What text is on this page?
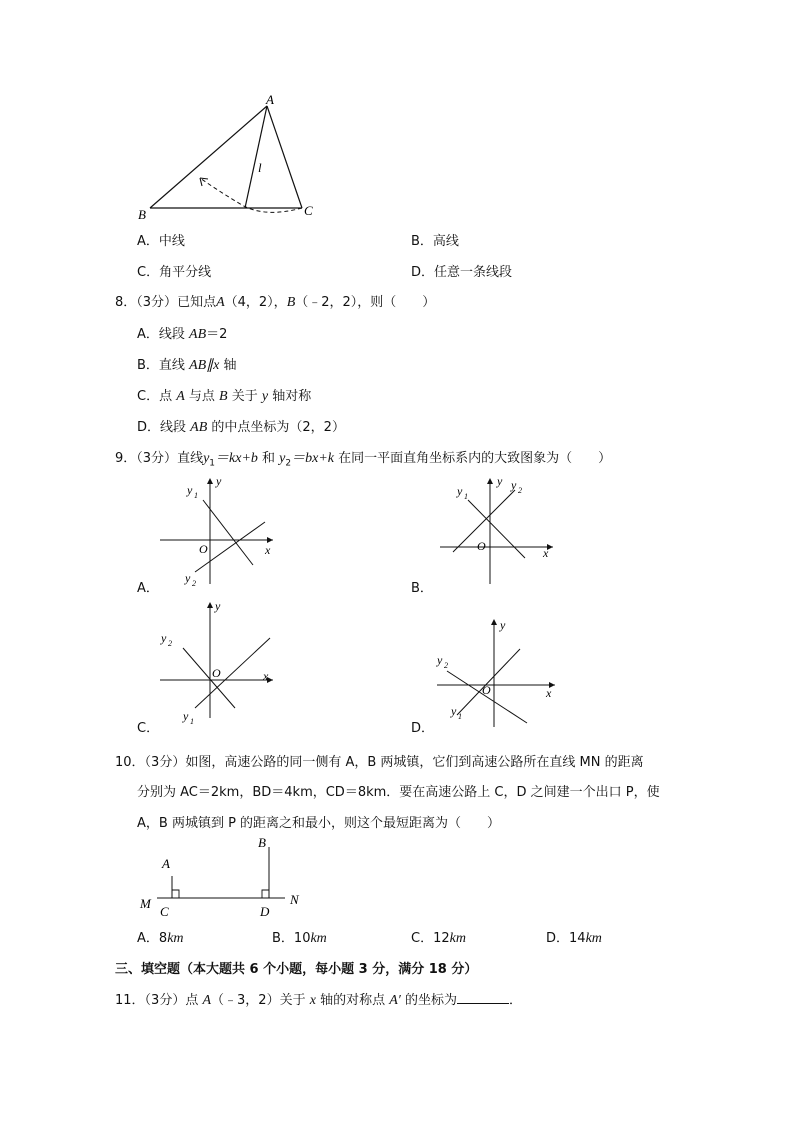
A
B	C
l
A．中线	B．高线
C．角平分线	D．任意一条线段
8．（3分）已知点A（4，2），B（﹣2，2），则（　　）
A．线段 AB＝2
B．直线 AB∥x 轴
C．点 A 与点 B 关于 y 轴对称
D．线段 AB 的中点坐标为（2，2）
9．（3分）直线$y_1=kx+b$ 和 $y_2=bx+k$ 在同一平面直角坐标系内的大致图象为（　　）
y
x
O
y 1
y 2
A．
y
x
O
y 1
y 2
B．
y
x
O
y 2
y 1
C．
y
x
O
y 2
y 1
D．
10．（3分）如图，高速公路的同一侧有 A，B 两城镇，它们到高速公路所在直线 MN 的距离
分别为 AC＝2km，BD＝4km，CD＝8km．要在高速公路上 C，D 之间建一个出口 P，使
A，B 两城镇到 P 的距离之和最小，则这个最短距离为（　　）
A
B
M
C	D
N
A．8km	B．10km	C．12km	D．14km
三、填空题（本大题共 6 个小题，每小题 3 分，满分 18 分）
11．（3分）点 A（﹣3，2）关于 x 轴的对称点 A′ 的坐标为	．
